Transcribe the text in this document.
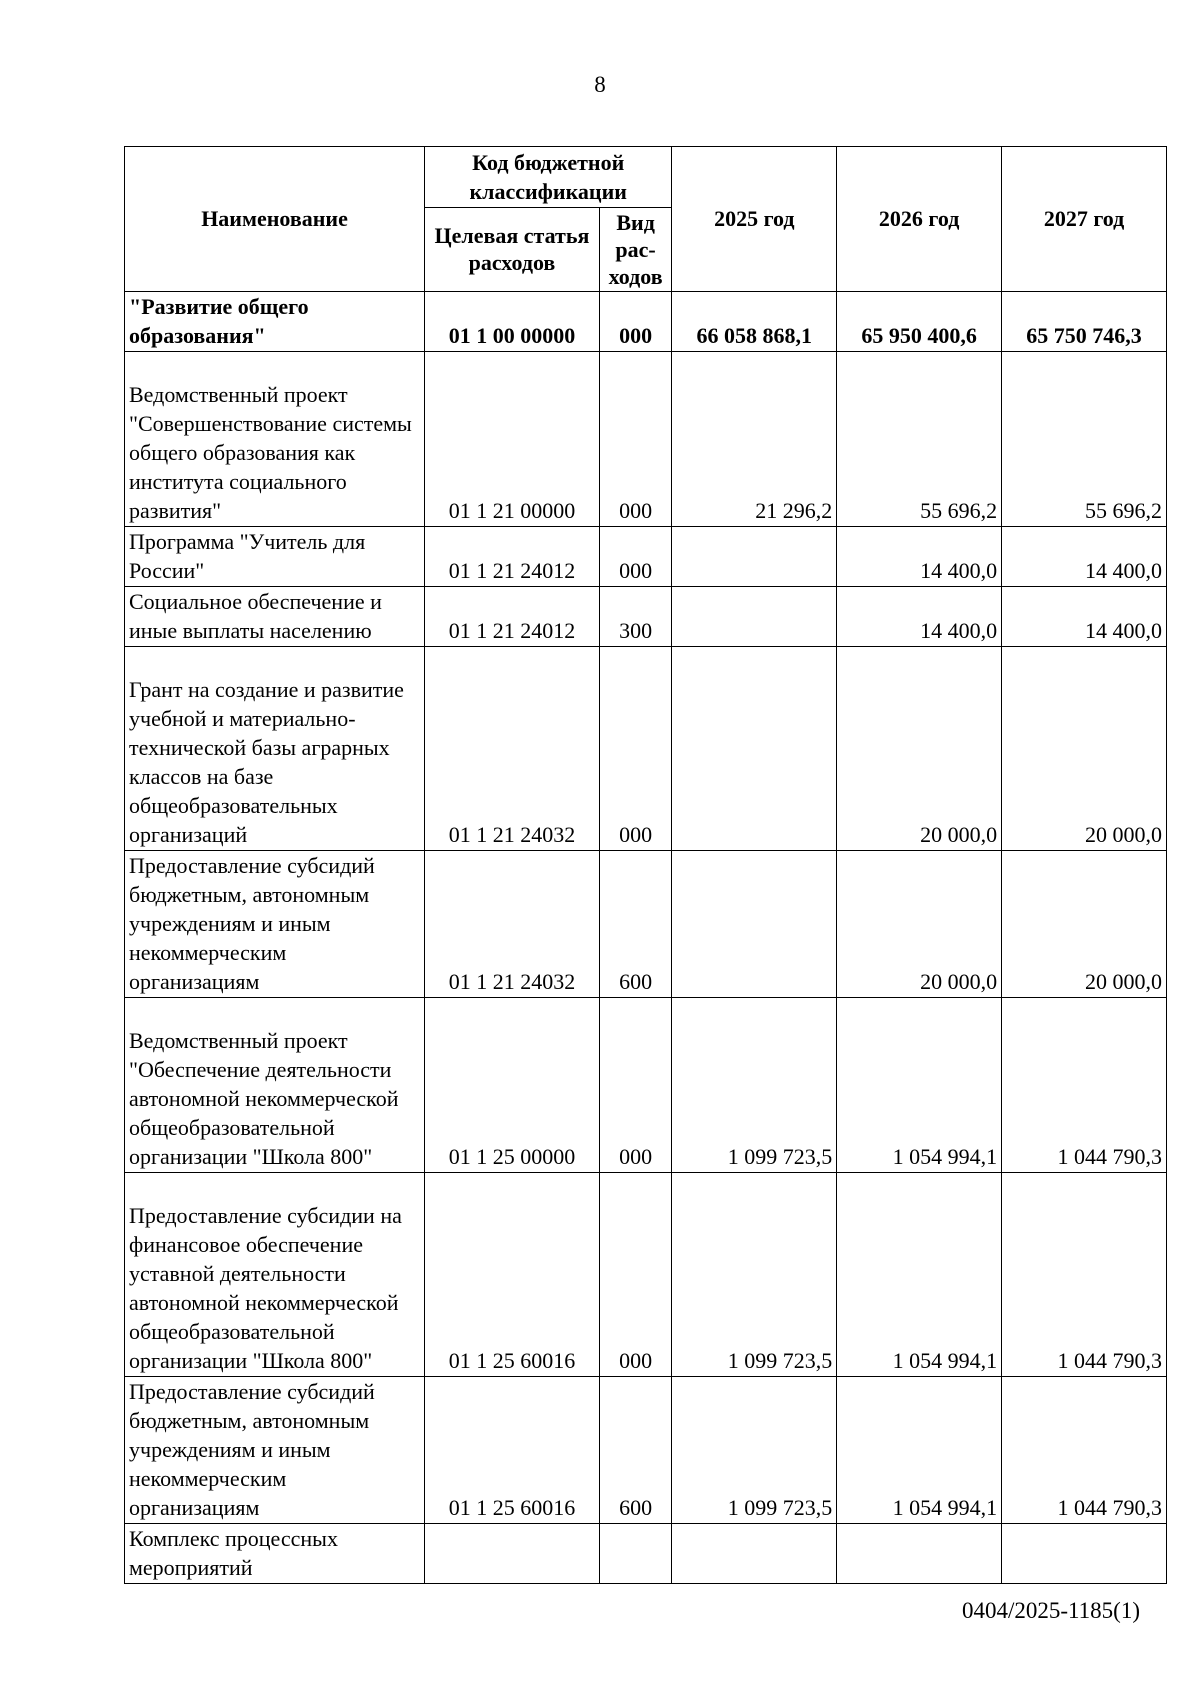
8
Наименование	Код бюджетной классификации		2025 год	2026 год	2027 год
	Целевая статья расходов	Вид рас-ходов			
"Развитие общего образования"	01 1 00 00000	000	66 058 868,1	65 950 400,6	65 750 746,3
Ведомственный проект "Совершенствование системы общего образования как института социального развития"	01 1 21 00000	000	21 296,2	55 696,2	55 696,2
Программа "Учитель для России"	01 1 21 24012	000		14 400,0	14 400,0
Социальное обеспечение и иные выплаты населению	01 1 21 24012	300		14 400,0	14 400,0
Грант на создание и развитие учебной и материально-технической базы аграрных классов на базе общеобразовательных организаций	01 1 21 24032	000		20 000,0	20 000,0
Предоставление субсидий бюджетным, автономным учреждениям и иным некоммерческим организациям	01 1 21 24032	600		20 000,0	20 000,0
Ведомственный проект "Обеспечение деятельности автономной некоммерческой общеобразовательной организации "Школа 800"	01 1 25 00000	000	1 099 723,5	1 054 994,1	1 044 790,3
Предоставление субсидии на финансовое обеспечение уставной деятельности автономной некоммерческой общеобразовательной организации "Школа 800"	01 1 25 60016	000	1 099 723,5	1 054 994,1	1 044 790,3
Предоставление субсидий бюджетным, автономным учреждениям и иным некоммерческим организациям	01 1 25 60016	600	1 099 723,5	1 054 994,1	1 044 790,3
Комплекс процессных мероприятий					
0404/2025-1185(1)
